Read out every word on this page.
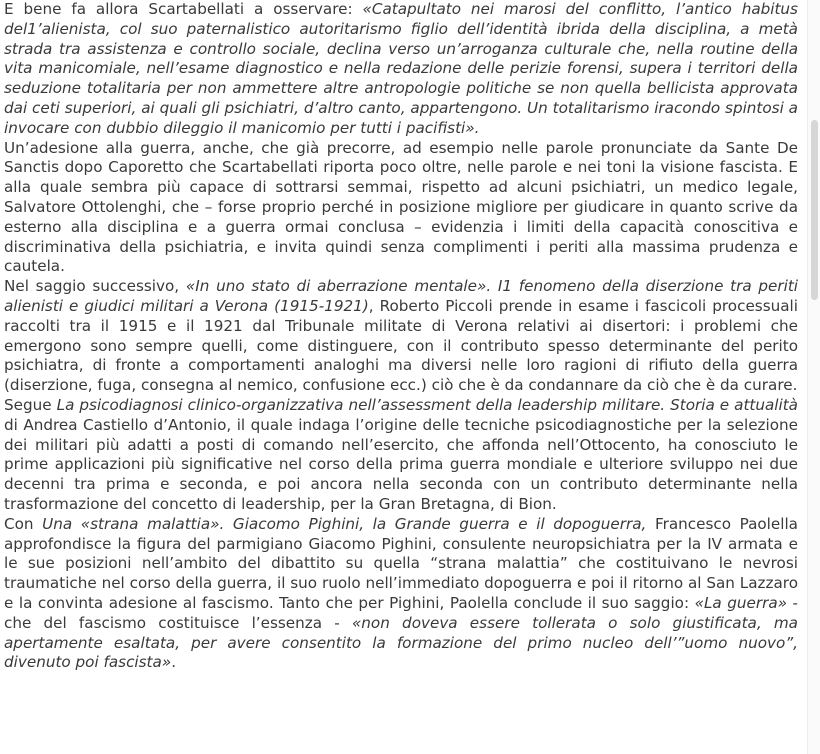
E bene fa allora Scartabellati a osservare: «Catapultato nei marosi del conflitto, l’antico habitus del1’alienista, col suo paternalistico autoritarismo figlio dell’identità ibrida della disciplina, a metà strada tra assistenza e controllo sociale, declina verso un’arroganza culturale che, nella routine della vita manicomiale, nell’esame diagnostico e nella redazione delle perizie forensi, supera i territori della seduzione totalitaria per non ammettere altre antropologie politiche se non quella bellicista approvata dai ceti superiori, ai quali gli psichiatri, d’altro canto, appartengono. Un totalitarismo iracondo spintosi a invocare con dubbio dileggio il manicomio per tutti i pacifisti».

Un’adesione alla guerra, anche, che già precorre, ad esempio nelle parole pronunciate da Sante De Sanctis dopo Caporetto che Scartabellati riporta poco oltre, nelle parole e nei toni la visione fascista. E alla quale sembra più capace di sottrarsi semmai, rispetto ad alcuni psichiatri, un medico legale, Salvatore Ottolenghi, che – forse proprio perché in posizione migliore per giudicare in quanto scrive da esterno alla disciplina e a guerra ormai conclusa – evidenzia i limiti della capacità conoscitiva e discriminativa della psichiatria, e invita quindi senza complimenti i periti alla massima prudenza e cautela.

Nel saggio successivo, «In uno stato di aberrazione mentale». I1 fenomeno della diserzione tra periti alienisti e giudici militari a Verona (1915-1921), Roberto Piccoli prende in esame i fascicoli processuali raccolti tra il 1915 e il 1921 dal Tribunale militate di Verona relativi ai disertori: i problemi che emergono sono sempre quelli, come distinguere, con il contributo spesso determinante del perito psichiatra, di fronte a comportamenti analoghi ma diversi nelle loro ragioni di rifiuto della guerra (diserzione, fuga, consegna al nemico, confusione ecc.) ciò che è da condannare da ciò che è da curare.

Segue La psicodiagnosi clinico-organizzativa nell’assessment della leadership militare. Storia e attualità di Andrea Castiello d’Antonio, il quale indaga l’origine delle tecniche psicodiagnostiche per la selezione dei militari più adatti a posti di comando nell’esercito, che affonda nell’Ottocento, ha conosciuto le prime applicazioni più significative nel corso della prima guerra mondiale e ulteriore sviluppo nei due decenni tra prima e seconda, e poi ancora nella seconda con un contributo determinante nella trasformazione del concetto di leadership, per la Gran Bretagna, di Bion.

Con Una «strana malattia». Giacomo Pighini, la Grande guerra e il dopoguerra, Francesco Paolella approfondisce la figura del parmigiano Giacomo Pighini, consulente neuropsichiatra per la IV armata e le sue posizioni nell’ambito del dibattito su quella “strana malattia” che costituivano le nevrosi traumatiche nel corso della guerra, il suo ruolo nell’immediato dopoguerra e poi il ritorno al San Lazzaro e la convinta adesione al fascismo. Tanto che per Pighini, Paolella conclude il suo saggio: «La guerra» - che del fascismo costituisce l’essenza - «non doveva essere tollerata o solo giustificata, ma apertamente esaltata, per avere consentito la formazione del primo nucleo dell’”uomo nuovo”, divenuto poi fascista».
